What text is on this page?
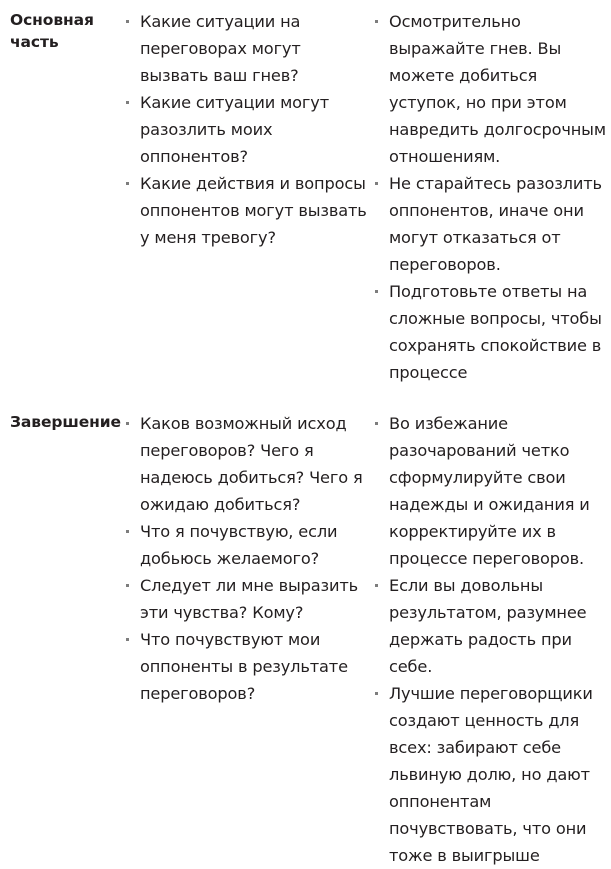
Основная
часть
Какие ситуации на переговорах могут вызвать ваш гнев?
Какие ситуации могут разозлить моих оппонентов?
Какие действия и вопросы оппонентов могут вызвать у меня тревогу?
Осмотрительно выражайте гнев. Вы можете добиться уступок, но при этом навредить долгосрочным отношениям.
Не старайтесь разозлить оппонентов, иначе они могут отказаться от переговоров.
Подготовьте ответы на сложные вопросы, чтобы сохранять спокойствие в процессе
Завершение	Каков возможный исход переговоров? Чего я надеюсь добиться? Чего я ожидаю добиться?
Что я почувствую, если добьюсь желаемого?
Следует ли мне выразить эти чувства? Кому?
Что почувствуют мои оппоненты в результате переговоров?
Во избежание разочарований четко сформулируйте свои надежды и ожидания и корректируйте их в процессе переговоров.
Если вы довольны результатом, разумнее держать радость при себе.
Лучшие переговорщики создают ценность для всех: забирают себе львиную долю, но дают оппонентам почувствовать, что они тоже в выигрыше
